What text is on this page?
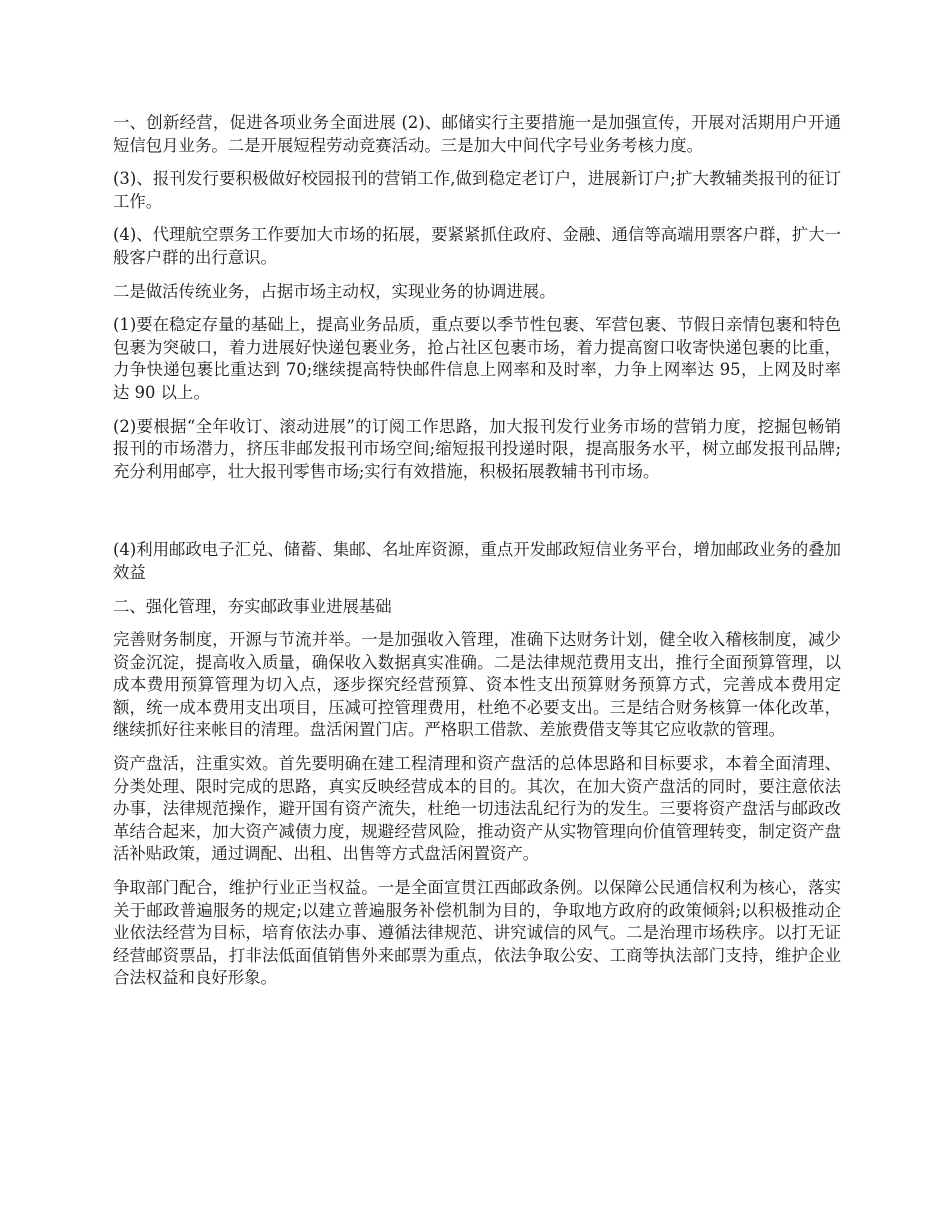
一、创新经营，促进各项业务全面进展 (2)、邮储实行主要措施一是加强宣传，开展对活期用户开通短信包月业务。二是开展短程劳动竞赛活动。三是加大中间代字号业务考核力度。

(3)、报刊发行要积极做好校园报刊的营销工作,做到稳定老订户，进展新订户;扩大教辅类报刊的征订工作。

(4)、代理航空票务工作要加大市场的拓展，要紧紧抓住政府、金融、通信等高端用票客户群，扩大一般客户群的出行意识。

二是做活传统业务，占据市场主动权，实现业务的协调进展。

(1)要在稳定存量的基础上，提高业务品质，重点要以季节性包裹、军营包裹、节假日亲情包裹和特色包裹为突破口，着力进展好快递包裹业务，抢占社区包裹市场，着力提高窗口收寄快递包裹的比重，力争快递包裹比重达到 70;继续提高特快邮件信息上网率和及时率，力争上网率达 95，上网及时率达 90 以上。

(2)要根据“全年收订、滚动进展”的订阅工作思路，加大报刊发行业务市场的营销力度，挖掘包畅销报刊的市场潜力，挤压非邮发报刊市场空间;缩短报刊投递时限，提高服务水平，树立邮发报刊品牌;充分利用邮亭，壮大报刊零售市场;实行有效措施，积极拓展教辅书刊市场。

(4)利用邮政电子汇兑、储蓄、集邮、名址库资源，重点开发邮政短信业务平台，增加邮政业务的叠加效益

二、强化管理，夯实邮政事业进展基础

完善财务制度，开源与节流并举。一是加强收入管理，准确下达财务计划，健全收入稽核制度，减少资金沉淀，提高收入质量，确保收入数据真实准确。二是法律规范费用支出，推行全面预算管理，以成本费用预算管理为切入点，逐步探究经营预算、资本性支出预算财务预算方式，完善成本费用定额，统一成本费用支出项目，压减可控管理费用，杜绝不必要支出。三是结合财务核算一体化改革，继续抓好往来帐目的清理。盘活闲置门店。严格职工借款、差旅费借支等其它应收款的管理。

资产盘活，注重实效。首先要明确在建工程清理和资产盘活的总体思路和目标要求，本着全面清理、分类处理、限时完成的思路，真实反映经营成本的目的。其次，在加大资产盘活的同时，要注意依法办事，法律规范操作，避开国有资产流失，杜绝一切违法乱纪行为的发生。三要将资产盘活与邮政改革结合起来，加大资产减债力度，规避经营风险，推动资产从实物管理向价值管理转变，制定资产盘活补贴政策，通过调配、出租、出售等方式盘活闲置资产。

争取部门配合，维护行业正当权益。一是全面宣贯江西邮政条例。以保障公民通信权利为核心，落实关于邮政普遍服务的规定;以建立普遍服务补偿机制为目的，争取地方政府的政策倾斜;以积极推动企业依法经营为目标，培育依法办事、遵循法律规范、讲究诚信的风气。二是治理市场秩序。以打无证经营邮资票品，打非法低面值销售外来邮票为重点，依法争取公安、工商等执法部门支持，维护企业合法权益和良好形象。
